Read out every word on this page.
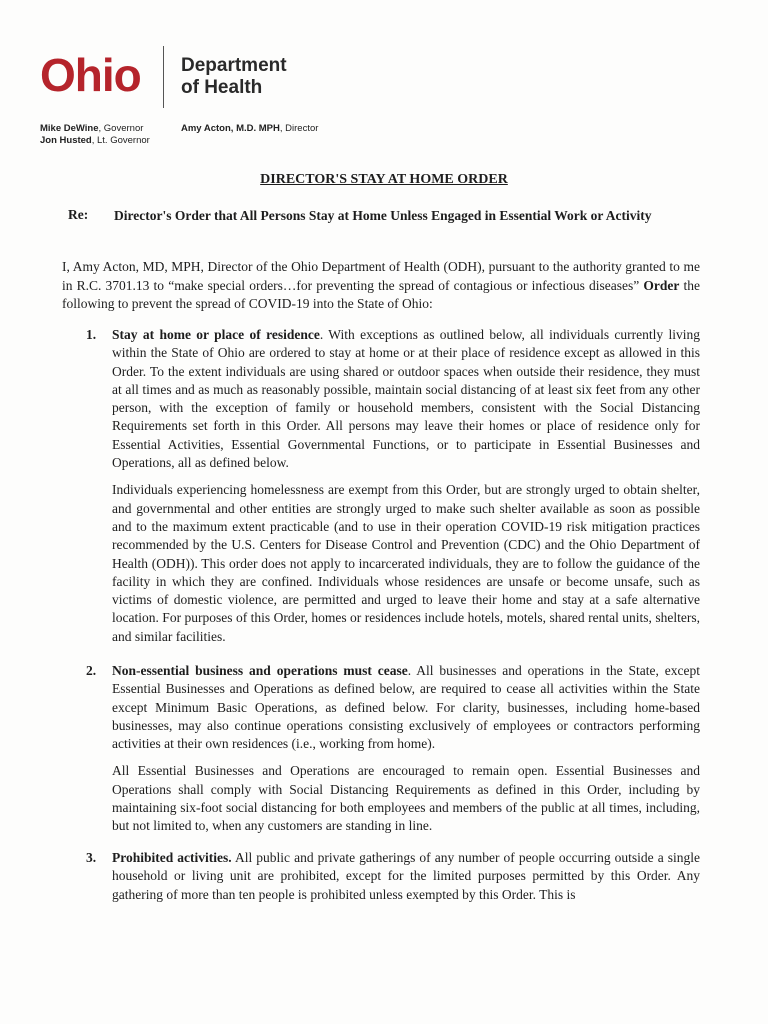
Ohio Department
of Health
Mike DeWine, Governor
Jon Husted, Lt. Governor
Amy Acton, M.D. MPH, Director
DIRECTOR'S STAY AT HOME ORDER
Re: Director's Order that All Persons Stay at Home Unless Engaged in Essential Work or Activity
I, Amy Acton, MD, MPH, Director of the Ohio Department of Health (ODH), pursuant to the authority granted to me in R.C. 3701.13 to “make special orders…for preventing the spread of contagious or infectious diseases” Order the following to prevent the spread of COVID-19 into the State of Ohio:
1. Stay at home or place of residence. With exceptions as outlined below, all individuals currently living within the State of Ohio are ordered to stay at home or at their place of residence except as allowed in this Order. To the extent individuals are using shared or outdoor spaces when outside their residence, they must at all times and as much as reasonably possible, maintain social distancing of at least six feet from any other person, with the exception of family or household members, consistent with the Social Distancing Requirements set forth in this Order. All persons may leave their homes or place of residence only for Essential Activities, Essential Governmental Functions, or to participate in Essential Businesses and Operations, all as defined below.

Individuals experiencing homelessness are exempt from this Order, but are strongly urged to obtain shelter, and governmental and other entities are strongly urged to make such shelter available as soon as possible and to the maximum extent practicable (and to use in their operation COVID-19 risk mitigation practices recommended by the U.S. Centers for Disease Control and Prevention (CDC) and the Ohio Department of Health (ODH)). This order does not apply to incarcerated individuals, they are to follow the guidance of the facility in which they are confined. Individuals whose residences are unsafe or become unsafe, such as victims of domestic violence, are permitted and urged to leave their home and stay at a safe alternative location. For purposes of this Order, homes or residences include hotels, motels, shared rental units, shelters, and similar facilities.

2. Non-essential business and operations must cease. All businesses and operations in the State, except Essential Businesses and Operations as defined below, are required to cease all activities within the State except Minimum Basic Operations, as defined below. For clarity, businesses, including home-based businesses, may also continue operations consisting exclusively of employees or contractors performing activities at their own residences (i.e., working from home).

All Essential Businesses and Operations are encouraged to remain open. Essential Businesses and Operations shall comply with Social Distancing Requirements as defined in this Order, including by maintaining six-foot social distancing for both employees and members of the public at all times, including, but not limited to, when any customers are standing in line.

3. Prohibited activities. All public and private gatherings of any number of people occurring outside a single household or living unit are prohibited, except for the limited purposes permitted by this Order. Any gathering of more than ten people is prohibited unless exempted by this Order. This is
